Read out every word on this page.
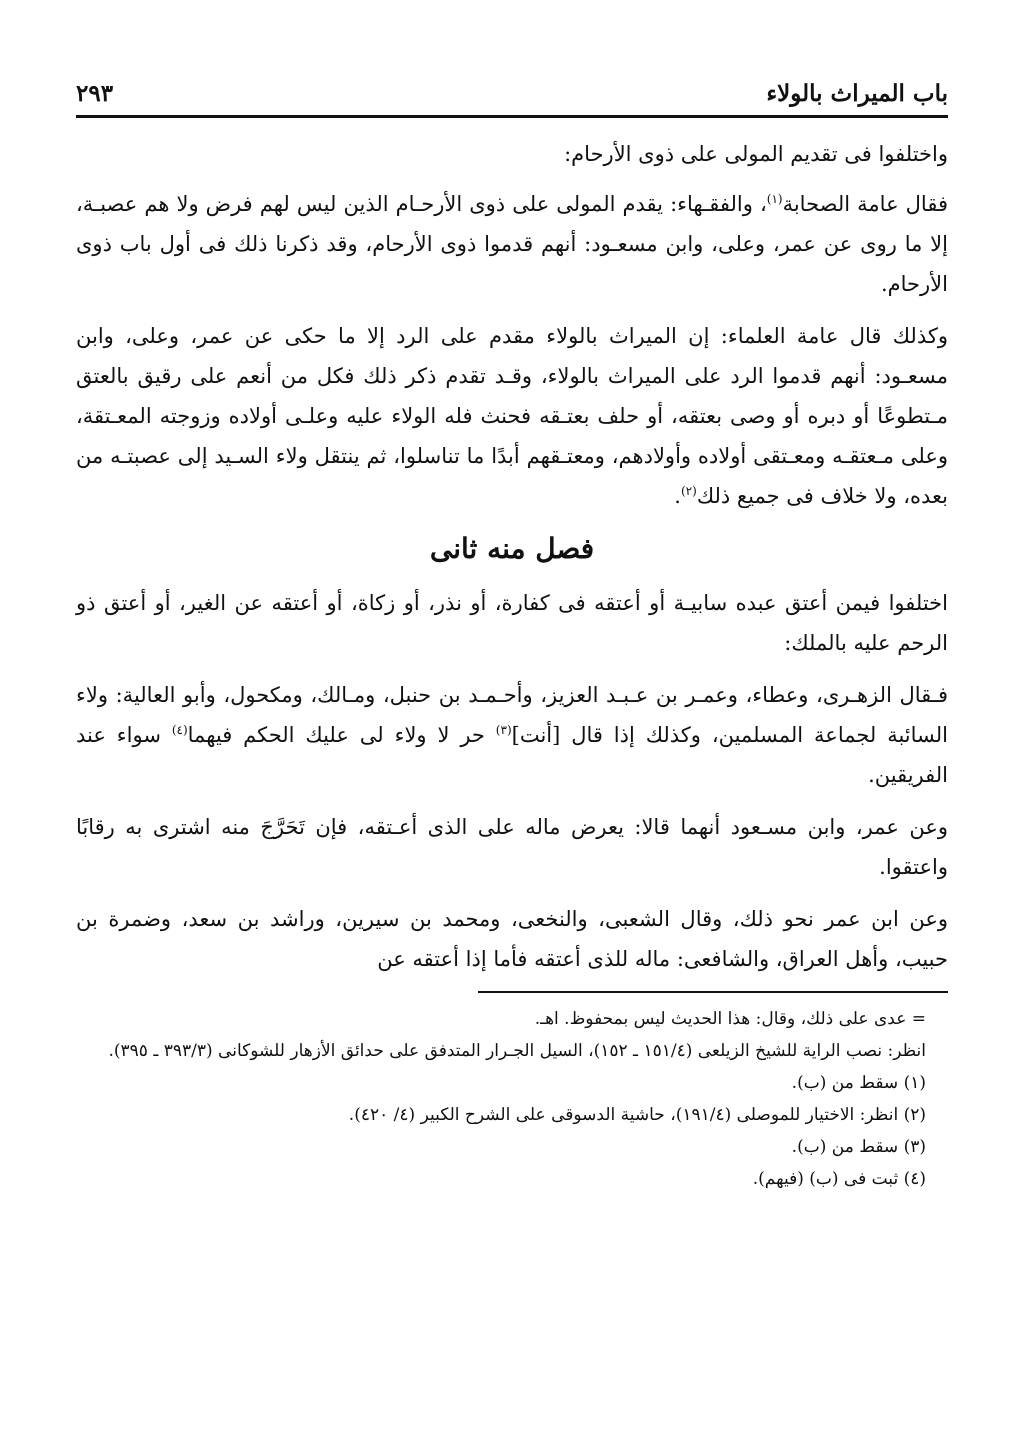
باب الميراث بالولاء
٢٩٣

واختلفوا فى تقديم المولى على ذوى الأرحام:

فقال عامة الصحابة$^{(١)}$، والفقـهاء: يقدم المولى على ذوى الأرحـام الذين ليس لهم فرض ولا هم عصبـة، إلا ما روى عن عمر، وعلى، وابن مسعـود: أنهم قدموا ذوى الأرحام، وقد ذكرنا ذلك فى أول باب ذوى الأرحام.

وكذلك قال عامة العلماء: إن الميراث بالولاء مقدم على الرد إلا ما حكى عن عمر، وعلى، وابن مسعـود: أنهم قدموا الرد على الميراث بالولاء، وقـد تقدم ذكر ذلك فكل من أنعم على رقيق بالعتق مـتطوعًا أو دبره أو وصى بعتقه، أو حلف بعتـقه فحنث فله الولاء عليه وعلـى أولاده وزوجته المعـتقة، وعلى مـعتقـه ومعـتقى أولاده وأولادهم، ومعتـقهم أبدًا ما تناسلوا، ثم ينتقل ولاء السـيد إلى عصبتـه من بعده، ولا خلاف فى جميع ذلك$^{(٢)}$.

فصل منه ثانى

اختلفوا فيمن أعتق عبده سابيـة أو أعتقه فى كفارة، أو نذر، أو زكاة، أو أعتقه عن الغير، أو أعتق ذو الرحم عليه بالملك:

فـقال الزهـرى، وعطاء، وعمـر بن عـبـد العزيز، وأحـمـد بن حنبل، ومـالك، ومكحول، وأبو العالية: ولاء السائبة لجماعة المسلمين، وكذلك إذا قال [أنت]$^{(٣)}$ حر لا ولاء لى عليك الحكم فيهما$^{(٤)}$ سواء عند الفريقين.

وعن عمر، وابن مسـعود أنهما قالا: يعرض ماله على الذى أعـتقه، فإن تَحَرَّجَ منه اشترى به رقابًا واعتقوا.

وعن ابن عمر نحو ذلك، وقال الشعبى، والنخعى، ومحمد بن سيرين، وراشد بن سعد، وضمرة بن حبيب، وأهل العراق، والشافعى: ماله للذى أعتقه فأما إذا أعتقه عن

= عدى على ذلك، وقال: هذا الحديث ليس بمحفوظ. اهـ.

انظر: نصب الراية للشيخ الزيلعى (١٥١/٤ ـ ١٥٢)، السيل الجـرار المتدفق على حدائق الأزهار للشوكانى (٣٩٣/٣ ـ ٣٩٥).

(١) سقط من (ب).

(٢) انظر: الاختيار للموصلى (١٩١/٤)، حاشية الدسوقى على الشرح الكبير (٤/ ٤٢٠).

(٣) سقط من (ب).

(٤) ثبت فى (ب) (فيهم).
